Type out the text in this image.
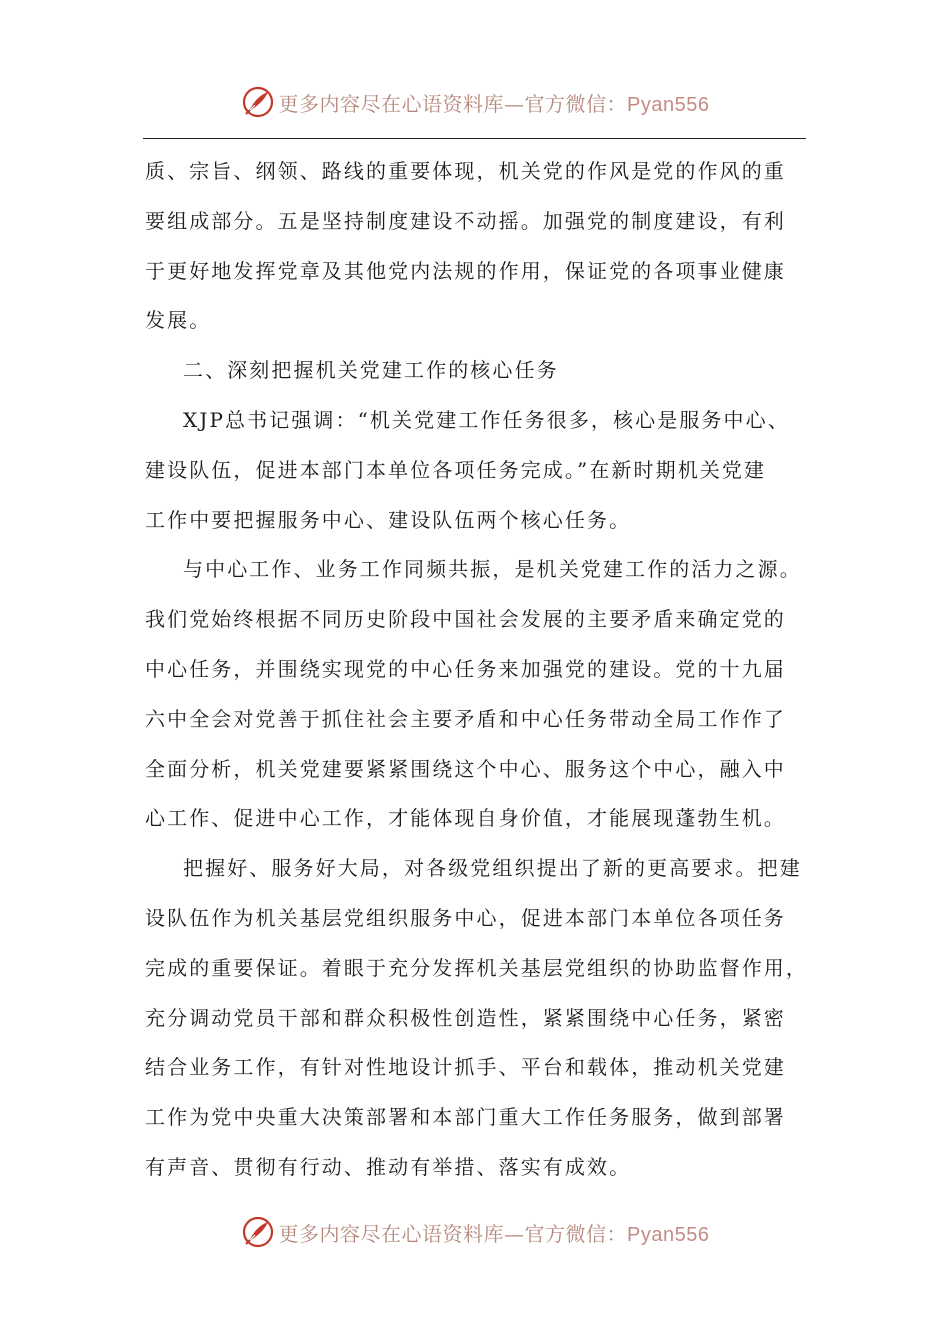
更多内容尽在心语资料库—官方微信：Pyan556
质、宗旨、纲领、路线的重要体现，机关党的作风是党的作风的重
要组成部分。五是坚持制度建设不动摇。加强党的制度建设，有利
于更好地发挥党章及其他党内法规的作用，保证党的各项事业健康
发展。
二、深刻把握机关党建工作的核心任务
XJP总书记强调：“机关党建工作任务很多，核心是服务中心、
建设队伍，促进本部门本单位各项任务完成。”在新时期机关党建
工作中要把握服务中心、建设队伍两个核心任务。
与中心工作、业务工作同频共振，是机关党建工作的活力之源。
我们党始终根据不同历史阶段中国社会发展的主要矛盾来确定党的
中心任务，并围绕实现党的中心任务来加强党的建设。党的十九届
六中全会对党善于抓住社会主要矛盾和中心任务带动全局工作作了
全面分析，机关党建要紧紧围绕这个中心、服务这个中心，融入中
心工作、促进中心工作，才能体现自身价值，才能展现蓬勃生机。
把握好、服务好大局，对各级党组织提出了新的更高要求。把建
设队伍作为机关基层党组织服务中心，促进本部门本单位各项任务
完成的重要保证。着眼于充分发挥机关基层党组织的协助监督作用，
充分调动党员干部和群众积极性创造性，紧紧围绕中心任务，紧密
结合业务工作，有针对性地设计抓手、平台和载体，推动机关党建
工作为党中央重大决策部署和本部门重大工作任务服务，做到部署
有声音、贯彻有行动、推动有举措、落实有成效。
更多内容尽在心语资料库—官方微信：Pyan556
